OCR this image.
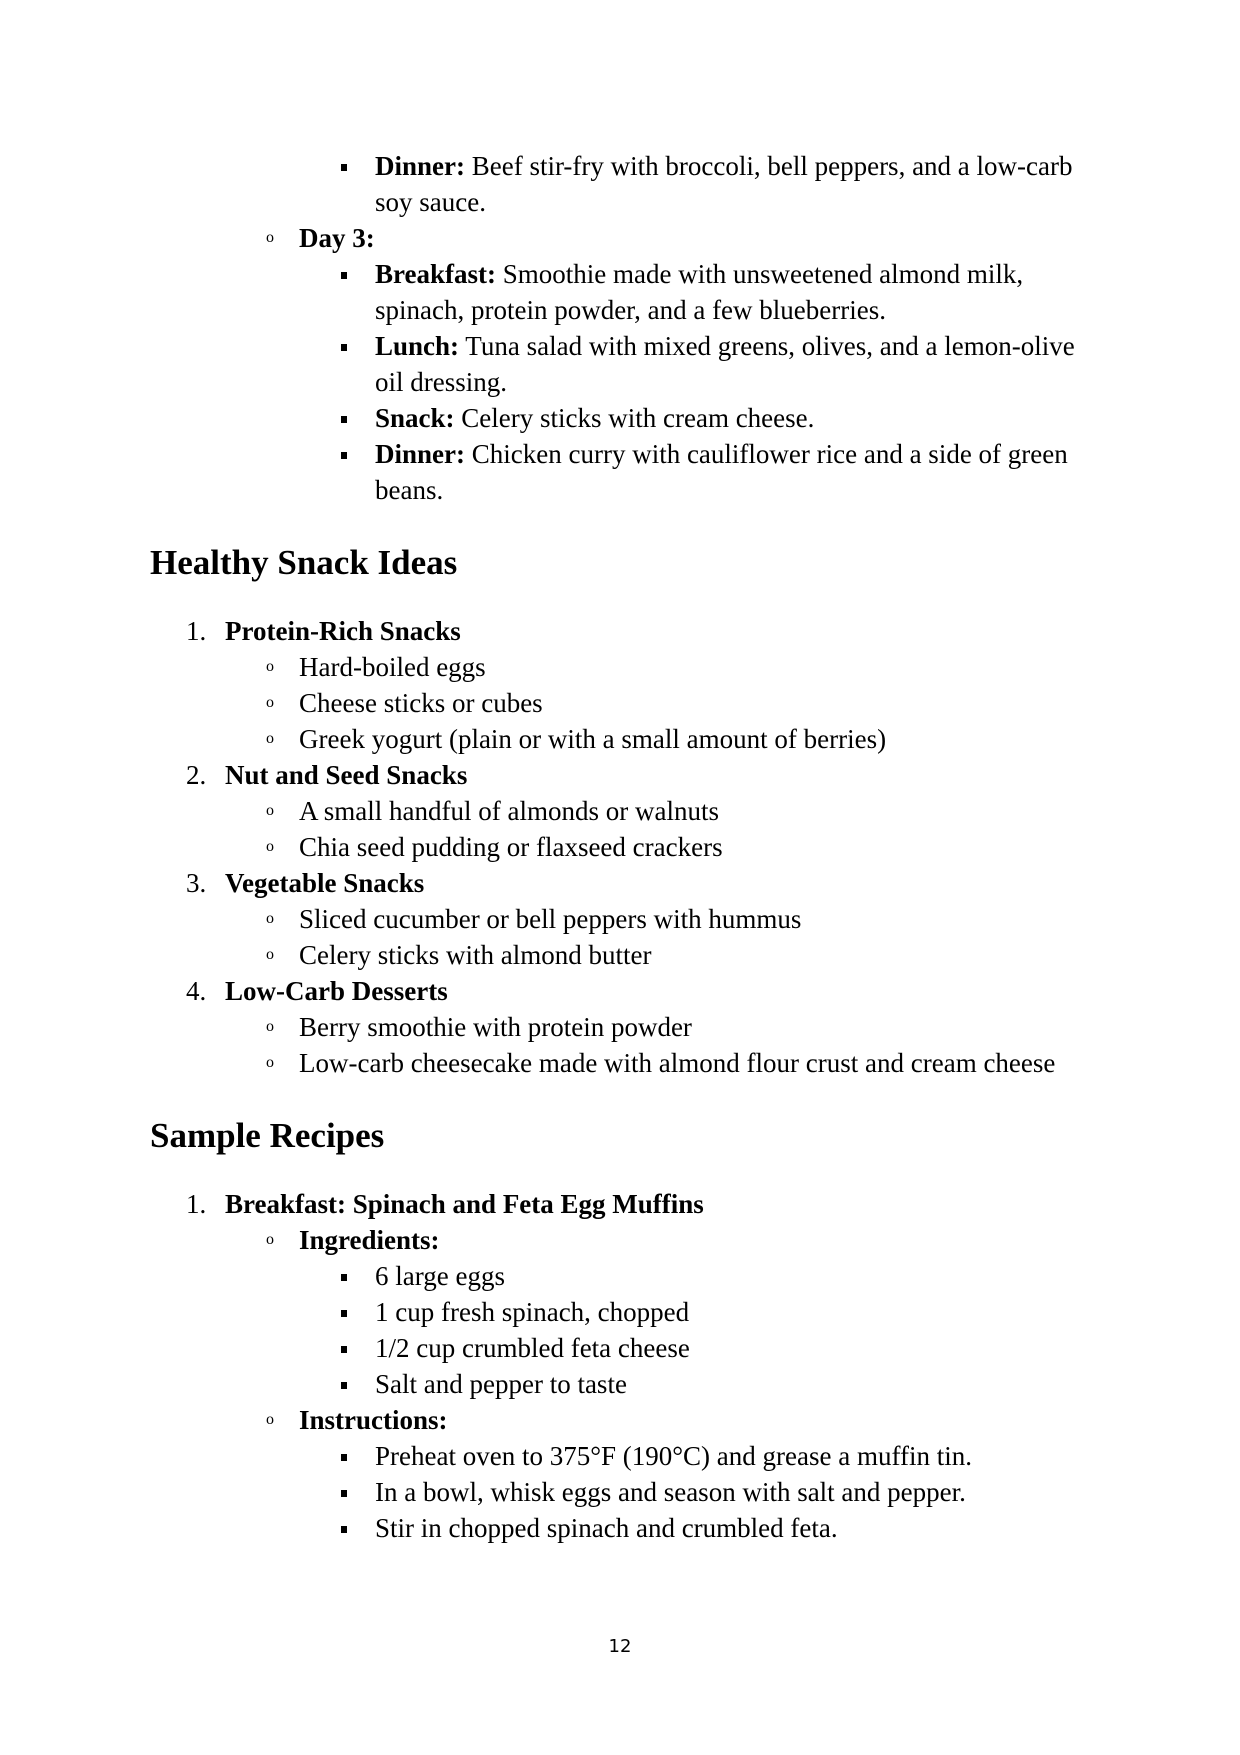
Dinner: Beef stir-fry with broccoli, bell peppers, and a low-carb soy sauce.
o Day 3:
Breakfast: Smoothie made with unsweetened almond milk, spinach, protein powder, and a few blueberries.
Lunch: Tuna salad with mixed greens, olives, and a lemon-olive oil dressing.
Snack: Celery sticks with cream cheese.
Dinner: Chicken curry with cauliflower rice and a side of green beans.
Healthy Snack Ideas
1. Protein-Rich Snacks
o Hard-boiled eggs
o Cheese sticks or cubes
o Greek yogurt (plain or with a small amount of berries)
2. Nut and Seed Snacks
o A small handful of almonds or walnuts
o Chia seed pudding or flaxseed crackers
3. Vegetable Snacks
o Sliced cucumber or bell peppers with hummus
o Celery sticks with almond butter
4. Low-Carb Desserts
o Berry smoothie with protein powder
o Low-carb cheesecake made with almond flour crust and cream cheese
Sample Recipes
1. Breakfast: Spinach and Feta Egg Muffins
o Ingredients:
6 large eggs
1 cup fresh spinach, chopped
1/2 cup crumbled feta cheese
Salt and pepper to taste
o Instructions:
Preheat oven to 375°F (190°C) and grease a muffin tin.
In a bowl, whisk eggs and season with salt and pepper.
Stir in chopped spinach and crumbled feta.
12
